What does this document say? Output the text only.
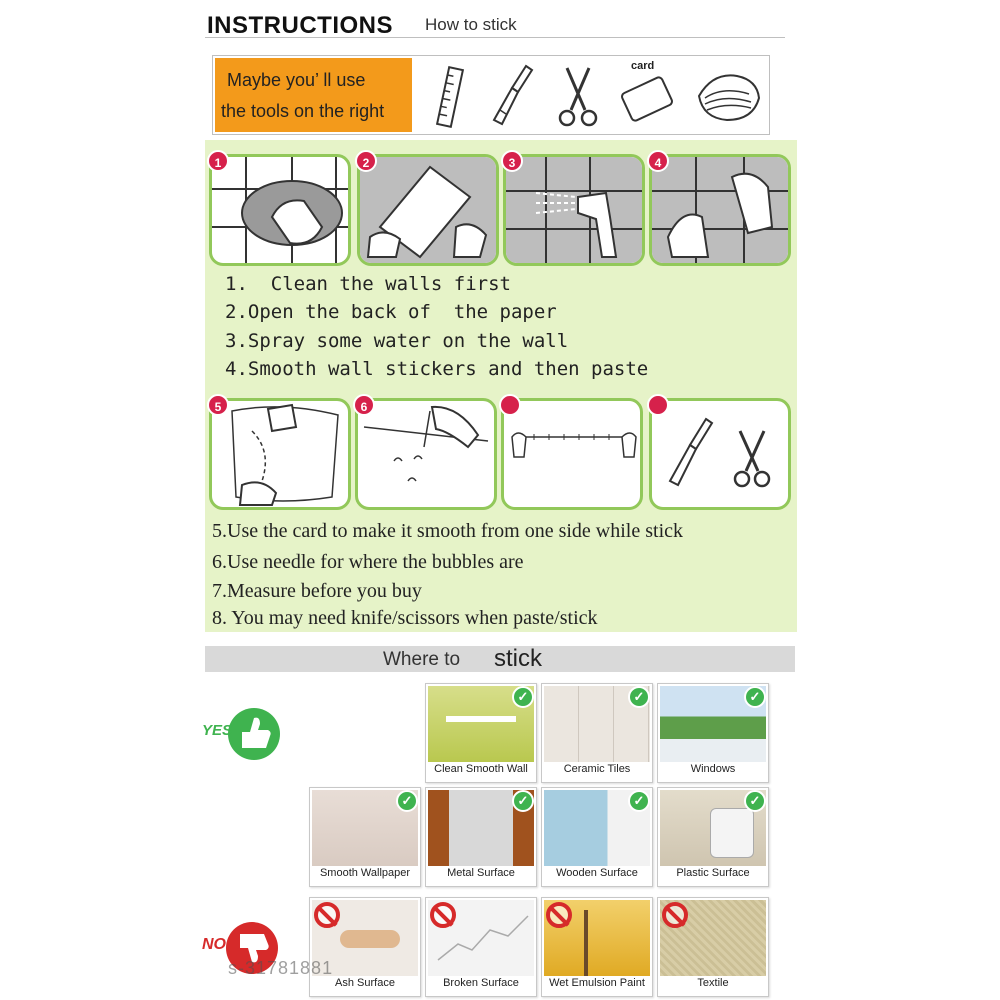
INSTRUCTIONS How to stick
Maybe you’ ll use
the tools on the right
card
1	2	3	4
1.  Clean the walls first
2.Open the back of  the paper
3.Spray some water on the wall
4.Smooth wall stickers and then paste
5	6
5.Use the card to make it smooth from one side while stick
6.Use needle for where the bubbles are
7.Measure before you buy
8. You may need knife/scissors when paste/stick
Where to stick
YES
NO
Clean Smooth Wall
✓
Ceramic Tiles
✓
Windows
✓
Smooth Wallpaper
✓
Metal Surface
✓
Wooden Surface
✓
Plastic Surface
✓
Ash Surface	Broken Surface	Wet Emulsion Paint	Textile
s-31781881
